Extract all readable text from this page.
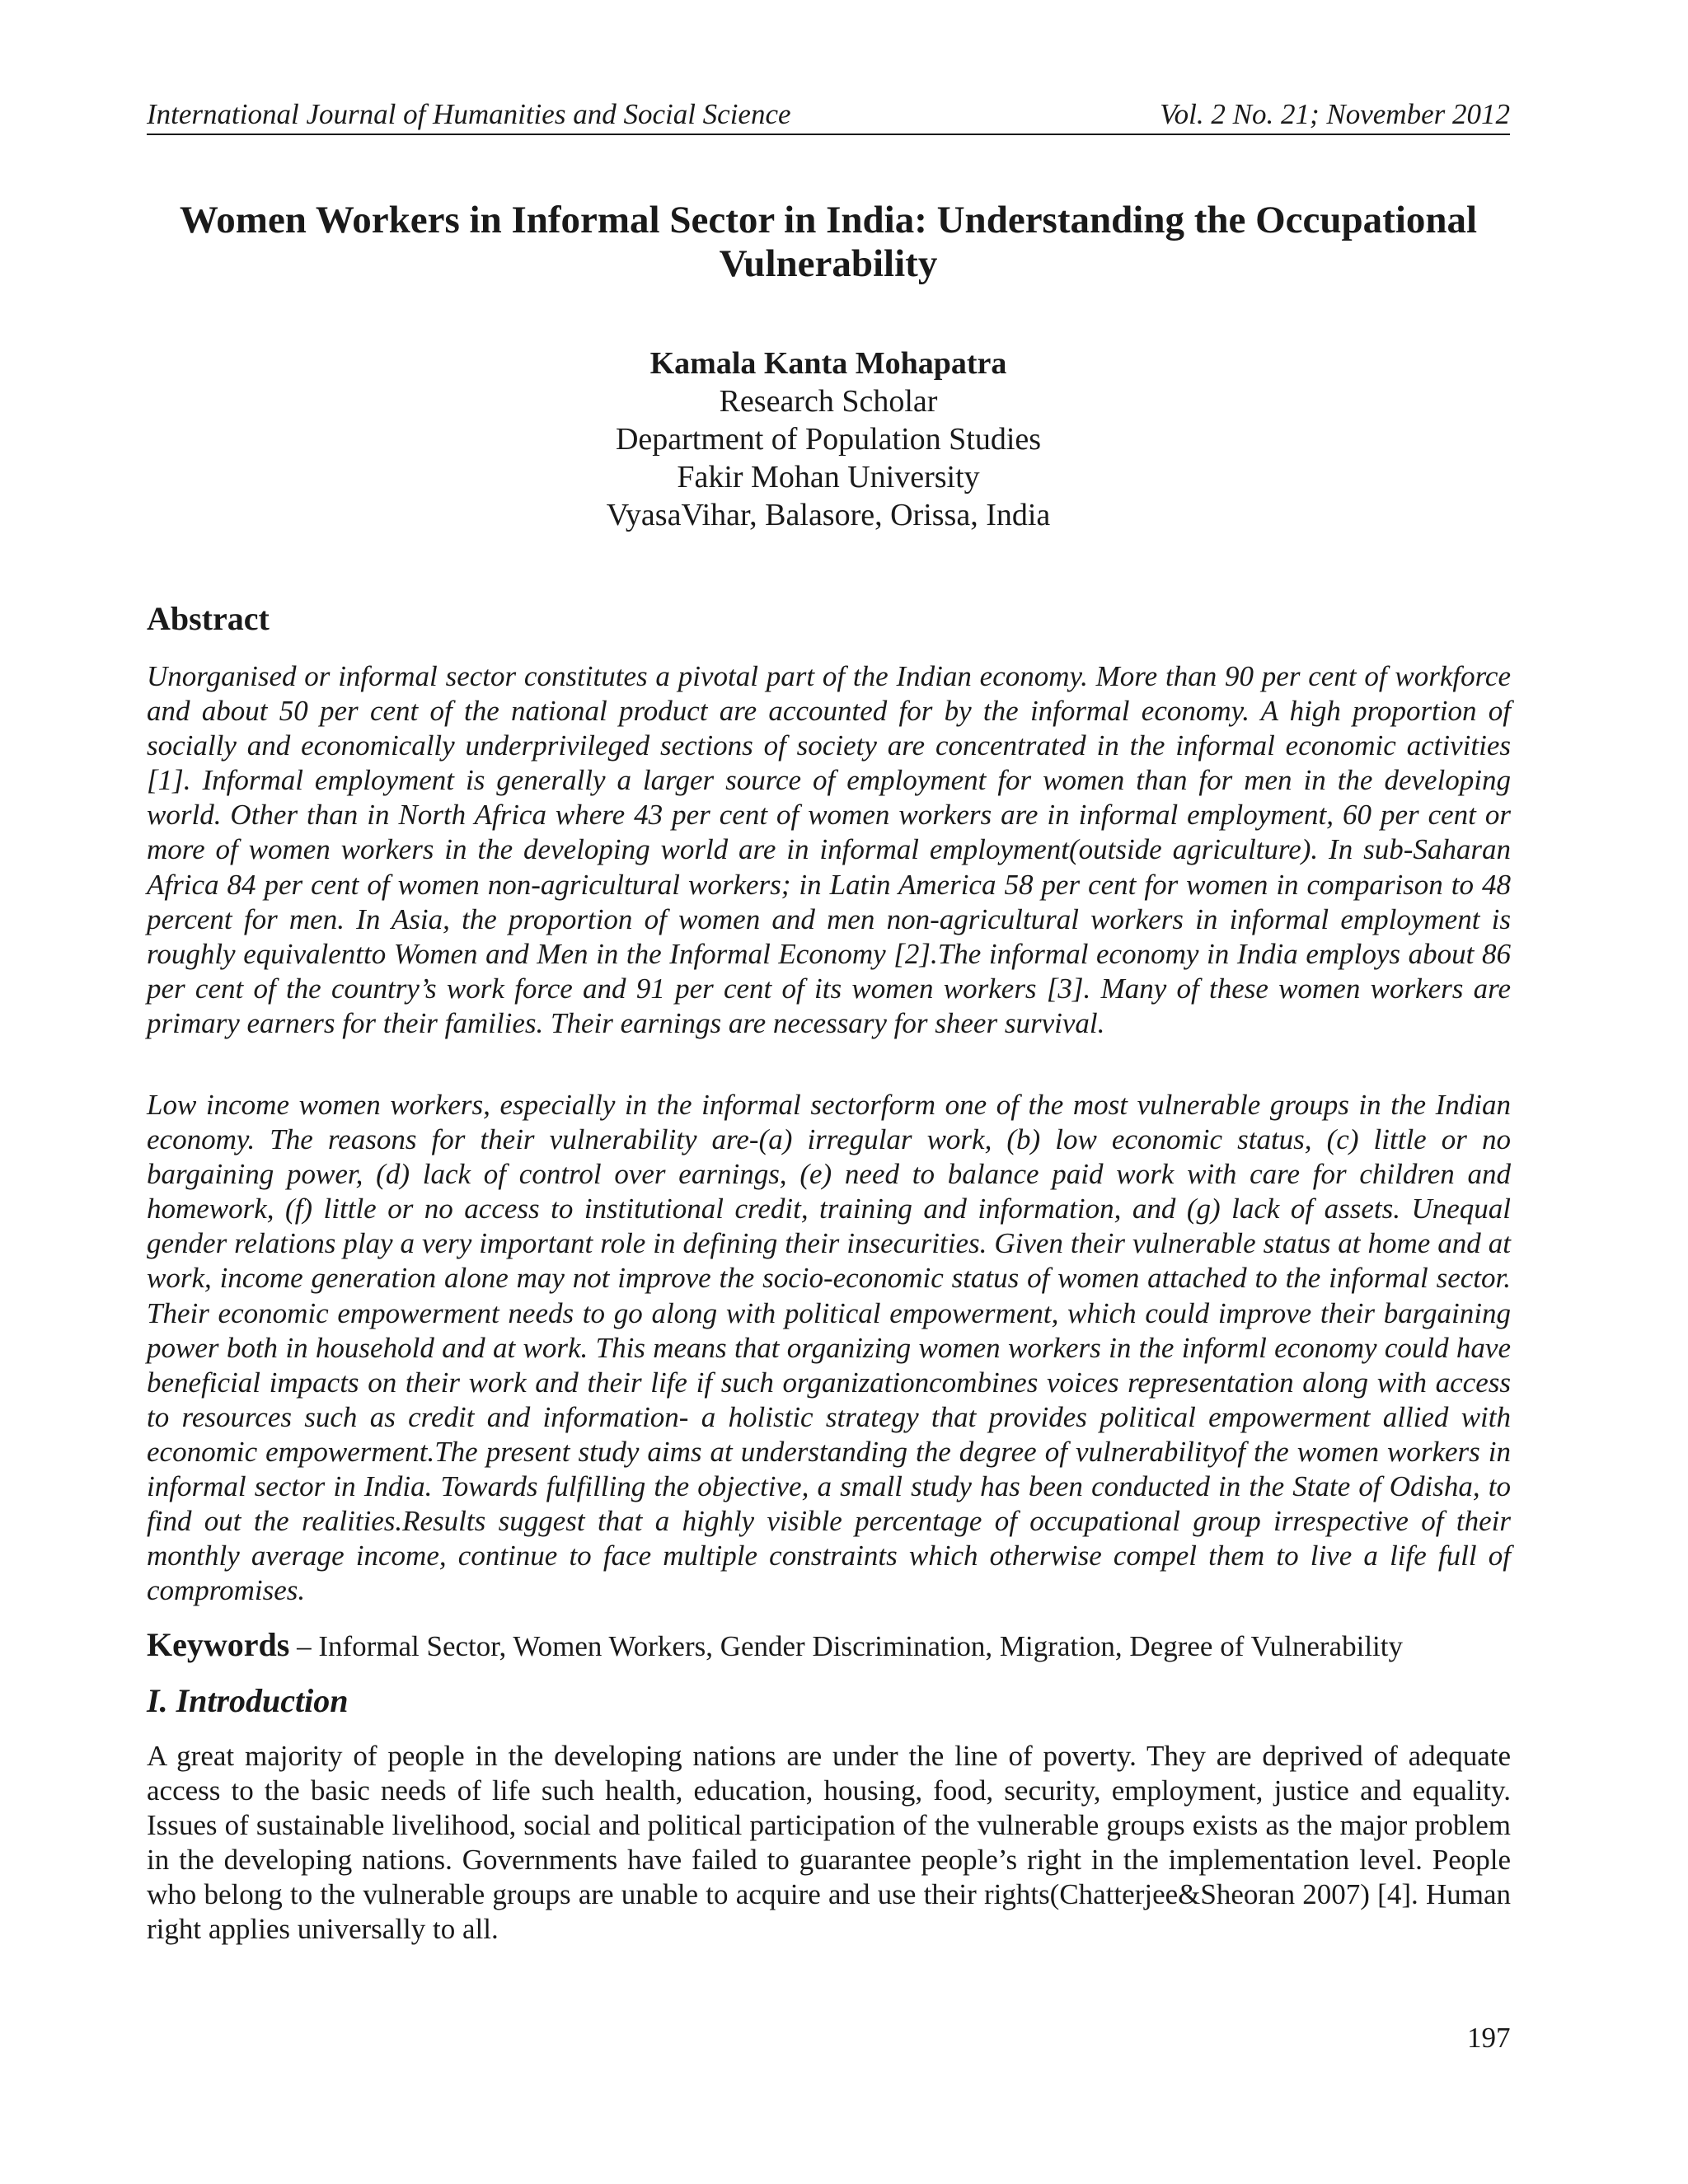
International Journal of Humanities and Social Science	Vol. 2 No. 21; November 2012
Women Workers in Informal Sector in India: Understanding the Occupational Vulnerability
Kamala Kanta Mohapatra
Research Scholar
Department of Population Studies
Fakir Mohan University
VyasaVihar, Balasore, Orissa, India
Abstract

Unorganised or informal sector constitutes a pivotal part of the Indian economy. More than 90 per cent of workforce and about 50 per cent of the national product are accounted for by the informal economy. A high proportion of socially and economically underprivileged sections of society are concentrated in the informal economic activities [1]. Informal employment is generally a larger source of employment for women than for men in the developing world. Other than in North Africa where 43 per cent of women workers are in informal employment, 60 per cent or more of women workers in the developing world are in informal employment(outside agriculture). In sub-Saharan Africa 84 per cent of women non-agricultural workers; in Latin America 58 per cent for women in comparison to 48 percent for men. In Asia, the proportion of women and men non-agricultural workers in informal employment is roughly equivalentto Women and Men in the Informal Economy [2].The informal economy in India employs about 86 per cent of the country’s work force and 91 per cent of its women workers [3]. Many of these women workers are primary earners for their families. Their earnings are necessary for sheer survival.

Low income women workers, especially in the informal sectorform one of the most vulnerable groups in the Indian economy. The reasons for their vulnerability are-(a) irregular work, (b) low economic status, (c) little or no bargaining power, (d) lack of control over earnings, (e) need to balance paid work with care for children and homework, (f) little or no access to institutional credit, training and information, and (g) lack of assets. Unequal gender relations play a very important role in defining their insecurities. Given their vulnerable status at home and at work, income generation alone may not improve the socio-economic status of women attached to the informal sector. Their economic empowerment needs to go along with political empowerment, which could improve their bargaining power both in household and at work. This means that organizing women workers in the informl economy could have beneficial impacts on their work and their life if such organizationcombines voices representation along with access to resources such as credit and information- a holistic strategy that provides political empowerment allied with economic empowerment.The present study aims at understanding the degree of vulnerabilityof the women workers in informal sector in India. Towards fulfilling the objective, a small study has been conducted in the State of Odisha, to find out the realities.Results suggest that a highly visible percentage of occupational group irrespective of their monthly average income, continue to face multiple constraints which otherwise compel them to live a life full of compromises.

Keywords – Informal Sector, Women Workers, Gender Discrimination, Migration, Degree of Vulnerability

I. Introduction

A great majority of people in the developing nations are under the line of poverty. They are deprived of adequate access to the basic needs of life such health, education, housing, food, security, employment, justice and equality. Issues of sustainable livelihood, social and political participation of the vulnerable groups exists as the major problem in the developing nations. Governments have failed to guarantee people’s right in the implementation level. People who belong to the vulnerable groups are unable to acquire and use their rights(Chatterjee&Sheoran 2007) [4]. Human right applies universally to all.

197
